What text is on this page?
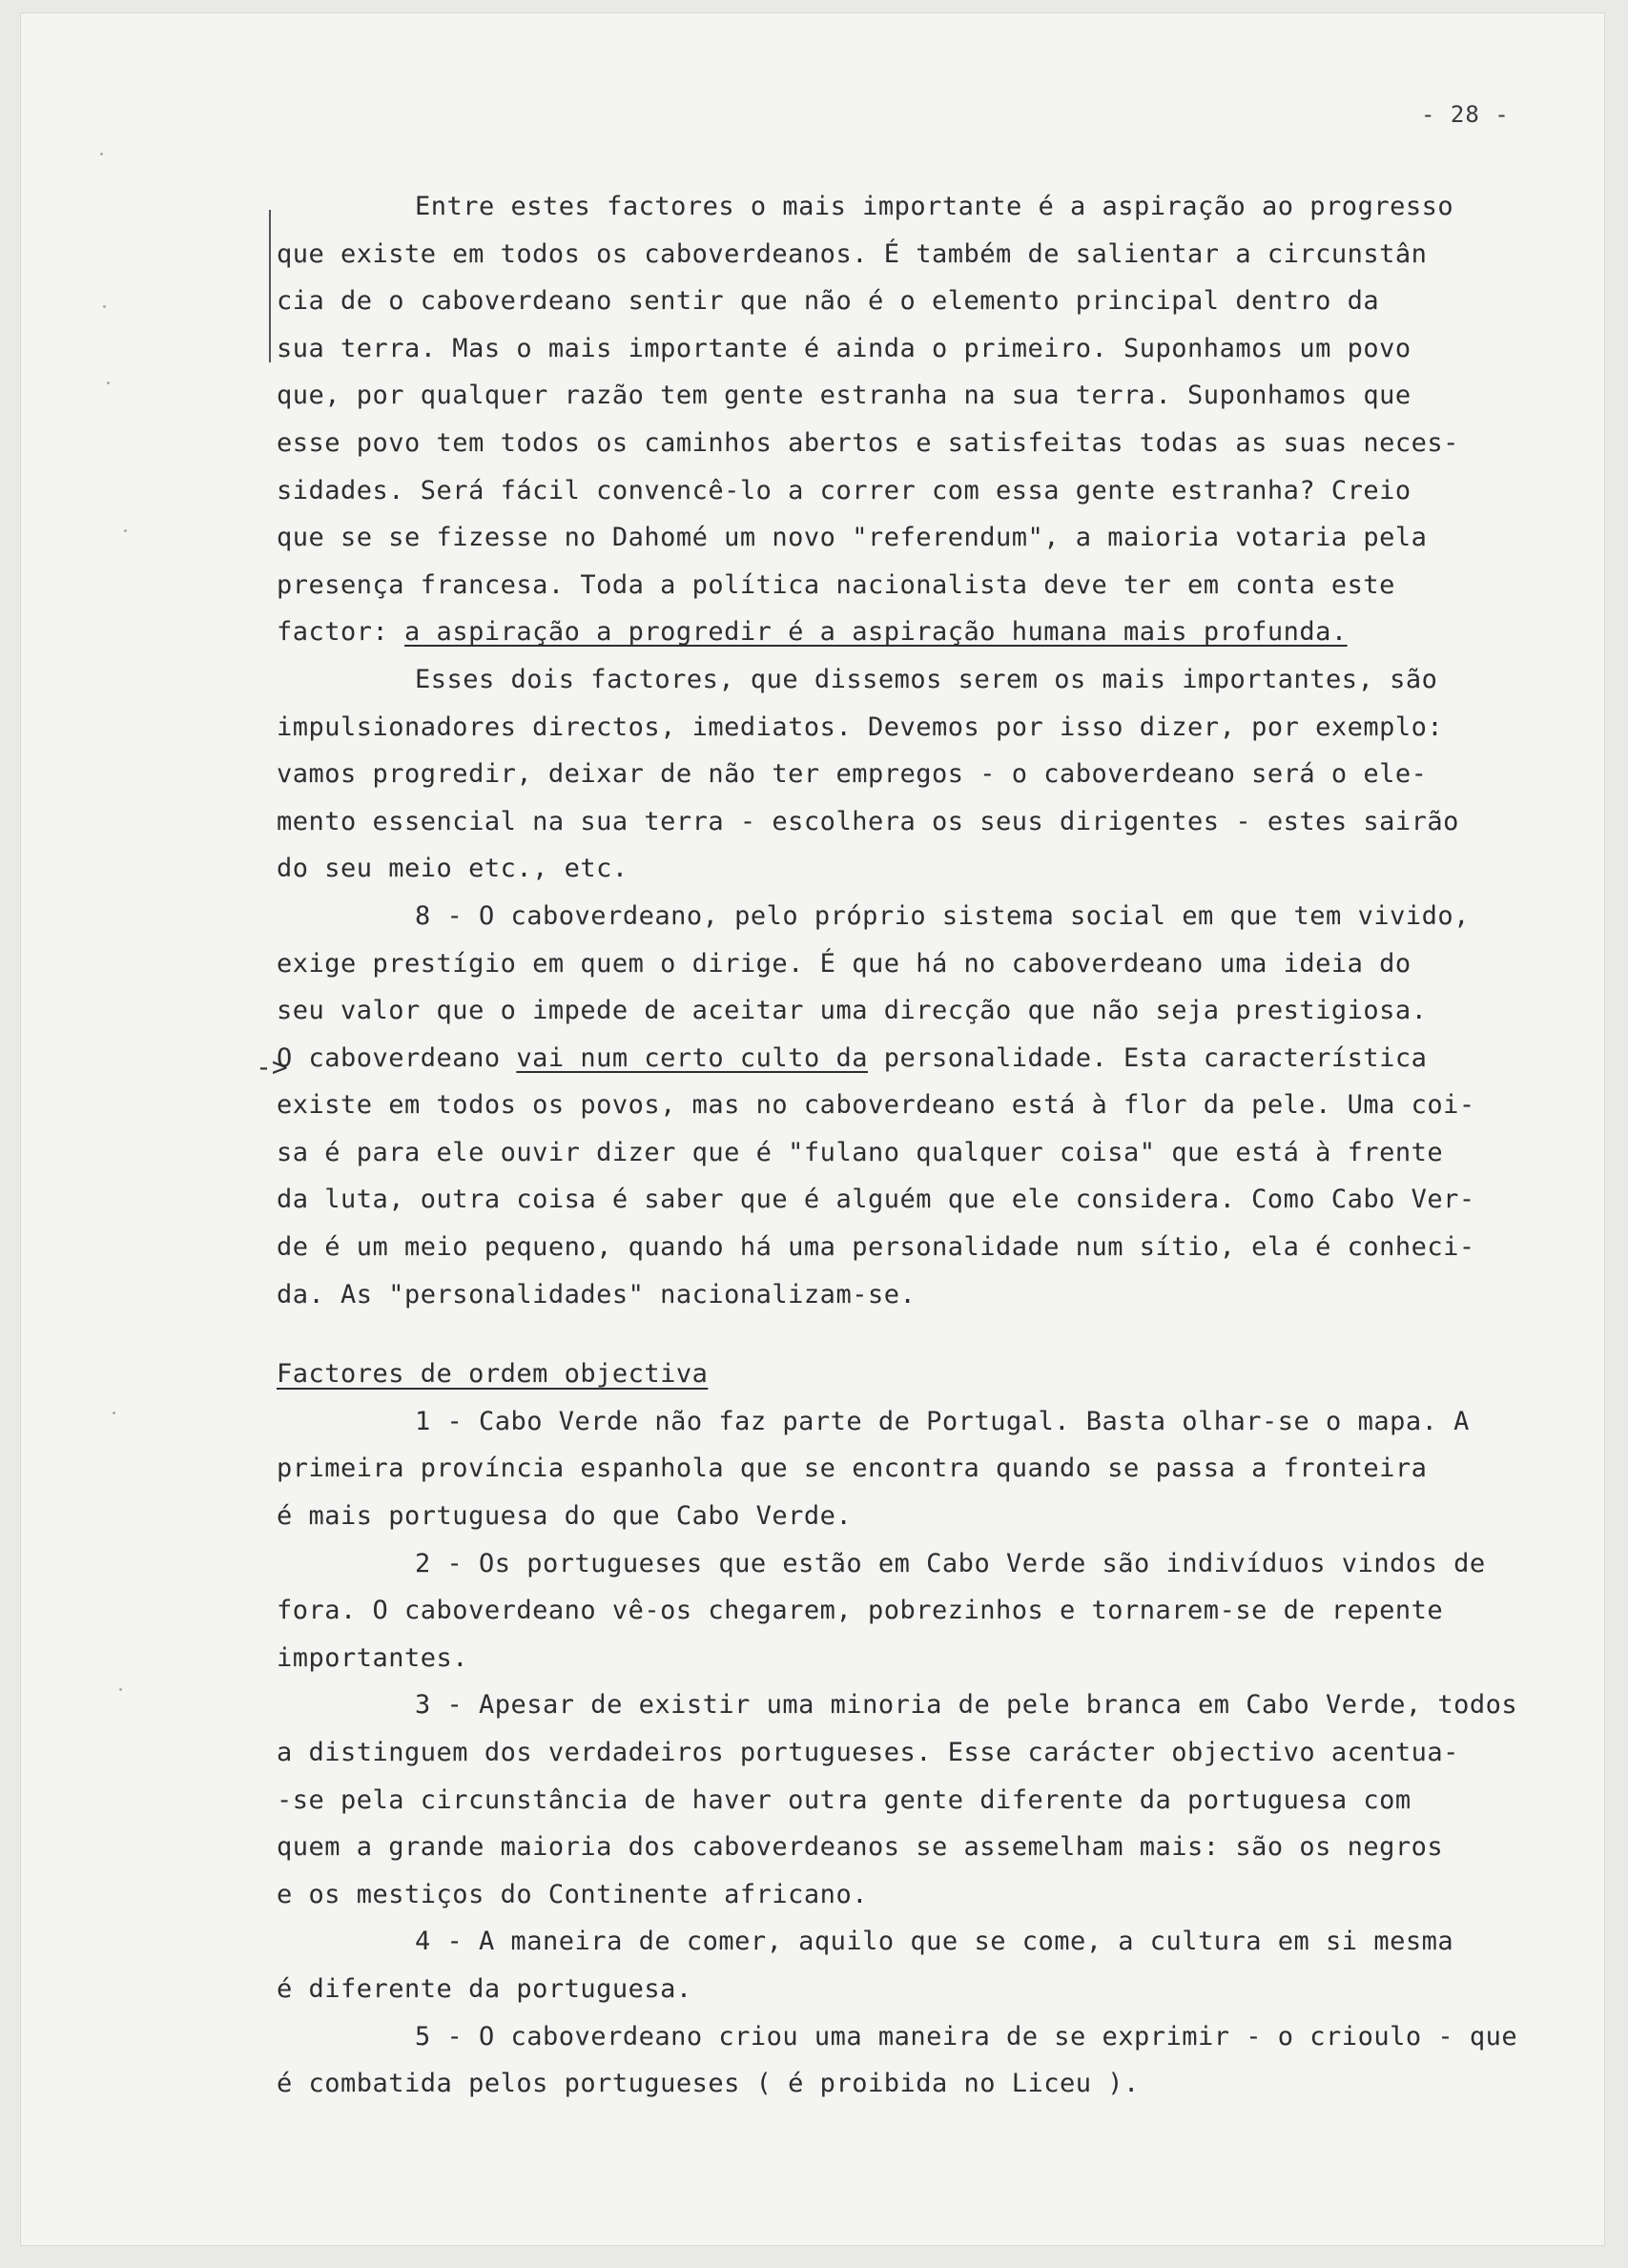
- 28 -
->
Entre estes factores o mais importante é a aspiração ao progresso
que existe em todos os caboverdeanos. É também de salientar a circunstân
cia de o caboverdeano sentir que não é o elemento principal dentro da
sua terra. Mas o mais importante é ainda o primeiro. Suponhamos um povo
que, por qualquer razão tem gente estranha na sua terra. Suponhamos que
esse povo tem todos os caminhos abertos e satisfeitas todas as suas neces-
sidades. Será fácil convencê-lo a correr com essa gente estranha? Creio
que se se fizesse no Dahomé um novo "referendum", a maioria votaria pela
presença francesa. Toda a política nacionalista deve ter em conta este
factor: a aspiração a progredir é a aspiração humana mais profunda.
Esses dois factores, que dissemos serem os mais importantes, são
impulsionadores directos, imediatos. Devemos por isso dizer, por exemplo:
vamos progredir, deixar de não ter empregos - o caboverdeano será o ele-
mento essencial na sua terra - escolhera os seus dirigentes - estes sairão
do seu meio etc., etc.
8 - O caboverdeano, pelo próprio sistema social em que tem vivido,
exige prestígio em quem o dirige. É que há no caboverdeano uma ideia do
seu valor que o impede de aceitar uma direcção que não seja prestigiosa.
O caboverdeano vai num certo culto da personalidade. Esta característica
existe em todos os povos, mas no caboverdeano está à flor da pele. Uma coi-
sa é para ele ouvir dizer que é "fulano qualquer coisa" que está à frente
da luta, outra coisa é saber que é alguém que ele considera. Como Cabo Ver-
de é um meio pequeno, quando há uma personalidade num sítio, ela é conheci-
da. As "personalidades" nacionalizam-se.
Factores de ordem objectiva
1 - Cabo Verde não faz parte de Portugal. Basta olhar-se o mapa. A
primeira província espanhola que se encontra quando se passa a fronteira
é mais portuguesa do que Cabo Verde.
2 - Os portugueses que estão em Cabo Verde são indivíduos vindos de
fora. O caboverdeano vê-os chegarem, pobrezinhos e tornarem-se de repente
importantes.
3 - Apesar de existir uma minoria de pele branca em Cabo Verde, todos
a distinguem dos verdadeiros portugueses. Esse carácter objectivo acentua-
-se pela circunstância de haver outra gente diferente da portuguesa com
quem a grande maioria dos caboverdeanos se assemelham mais: são os negros
e os mestiços do Continente africano.
4 - A maneira de comer, aquilo que se come, a cultura em si mesma
é diferente da portuguesa.
5 - O caboverdeano criou uma maneira de se exprimir - o crioulo - que
é combatida pelos portugueses ( é proibida no Liceu ).
